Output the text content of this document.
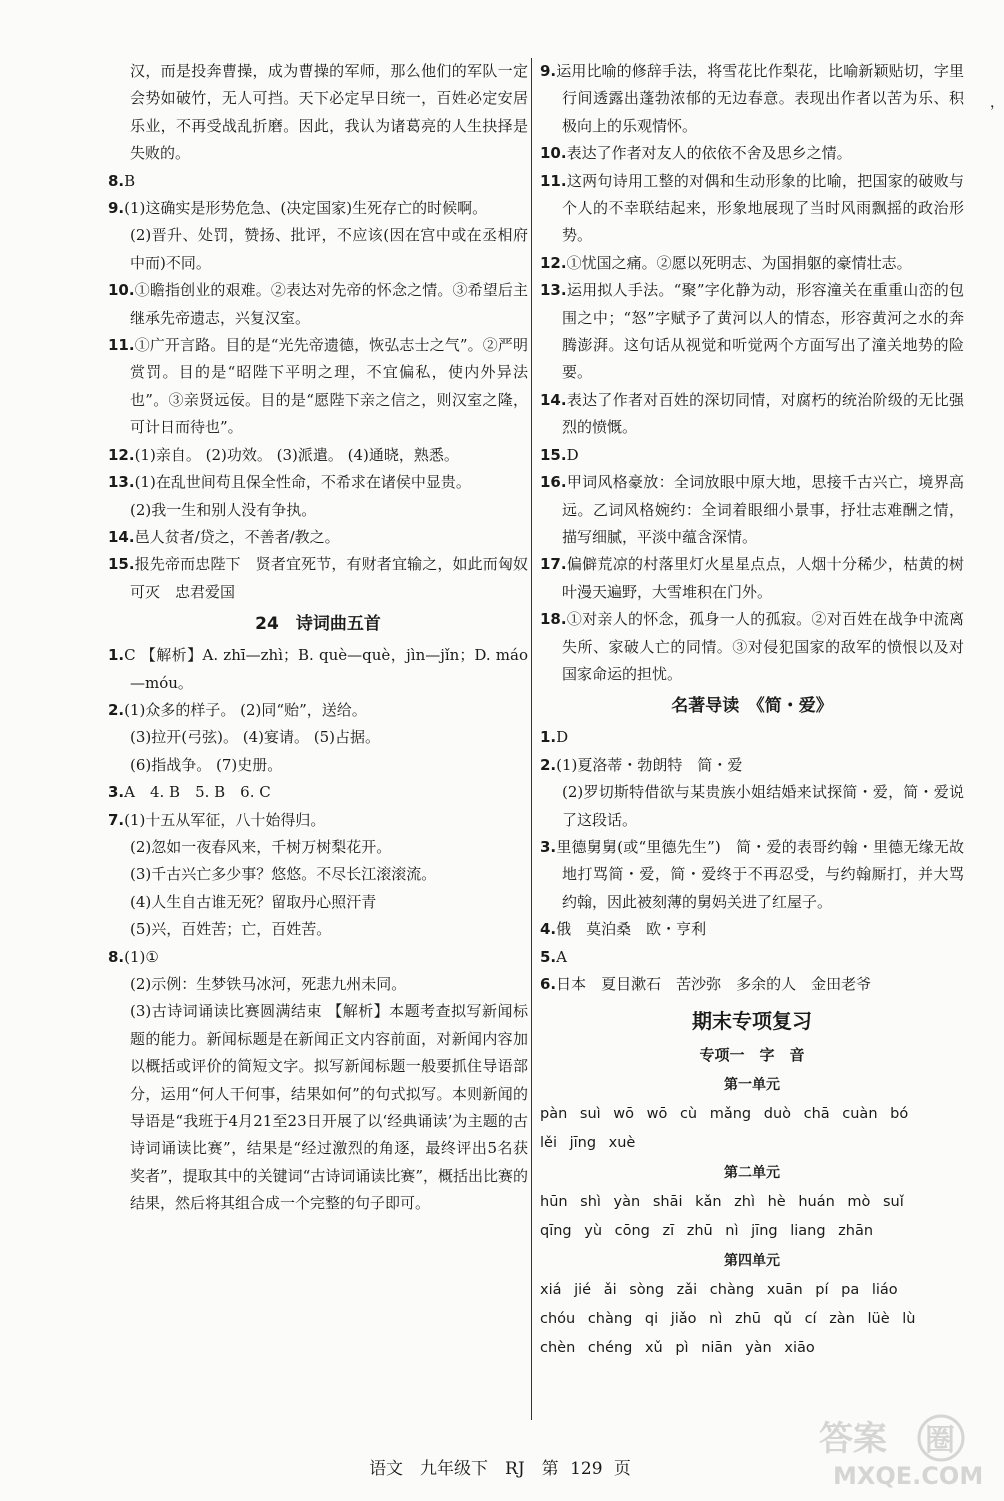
汉，而是投奔曹操，成为曹操的军师，那么他们的军队一定会势如破竹，无人可挡。天下必定早日统一，百姓必定安居乐业，不再受战乱折磨。因此，我认为诸葛亮的人生抉择是失败的。

8.B

9.(1)这确实是形势危急、(决定国家)生死存亡的时候啊。

(2)晋升、处罚，赞扬、批评，不应该(因在宫中或在丞相府中而)不同。

10.①瞻指创业的艰难。②表达对先帝的怀念之情。③希望后主继承先帝遗志，兴复汉室。

11.①广开言路。目的是“光先帝遗德，恢弘志士之气”。②严明赏罚。目的是“昭陛下平明之理，不宜偏私，使内外异法也”。③亲贤远佞。目的是“愿陛下亲之信之，则汉室之隆，可计日而待也”。

12.(1)亲自。 (2)功效。 (3)派遣。 (4)通晓，熟悉。

13.(1)在乱世间苟且保全性命，不希求在诸侯中显贵。

(2)我一生和别人没有争执。

14.邑人贫者/贷之，不善者/教之。

15.报先帝而忠陛下　贤者宜死节，有财者宜输之，如此而匈奴可灭　忠君爱国

24　诗词曲五首

1.C 【解析】A. zhī—zhì；B. què—què，jìn—jǐn；D. máo—móu。

2.(1)众多的样子。 (2)同“贻”，送给。

(3)拉开(弓弦)。 (4)宴请。 (5)占据。

(6)指战争。 (7)史册。

3.A　4. B　5. B　6. C

7.(1)十五从军征，八十始得归。

(2)忽如一夜春风来，千树万树梨花开。

(3)千古兴亡多少事？悠悠。不尽长江滚滚流。

(4)人生自古谁无死？留取丹心照汗青

(5)兴，百姓苦；亡，百姓苦。

8.(1)①

(2)示例：生梦铁马冰河，死悲九州未同。

(3)古诗词诵读比赛圆满结束 【解析】本题考查拟写新闻标题的能力。新闻标题是在新闻正文内容前面，对新闻内容加以概括或评价的简短文字。拟写新闻标题一般要抓住导语部分，运用“何人干何事，结果如何”的句式拟写。本则新闻的导语是“我班于4月21至23日开展了以‘经典诵读’为主题的古诗词诵读比赛”，结果是“经过激烈的角逐，最终评出5名获奖者”，提取其中的关键词“古诗词诵读比赛”，概括出比赛的结果，然后将其组合成一个完整的句子即可。

9.运用比喻的修辞手法，将雪花比作梨花，比喻新颖贴切，字里行间透露出蓬勃浓郁的无边春意。表现出作者以苦为乐、积极向上的乐观情怀。

10.表达了作者对友人的依依不舍及思乡之情。

11.这两句诗用工整的对偶和生动形象的比喻，把国家的破败与个人的不幸联结起来，形象地展现了当时风雨飘摇的政治形势。

12.①忧国之痛。②愿以死明志、为国捐躯的豪情壮志。

13.运用拟人手法。“聚”字化静为动，形容潼关在重重山峦的包围之中；“怒”字赋予了黄河以人的情态，形容黄河之水的奔腾澎湃。这句话从视觉和听觉两个方面写出了潼关地势的险要。

14.表达了作者对百姓的深切同情，对腐朽的统治阶级的无比强烈的愤慨。

15.D

16.甲词风格豪放：全词放眼中原大地，思接千古兴亡，境界高远。乙词风格婉约：全词着眼细小景事，抒壮志难酬之情，描写细腻，平淡中蕴含深情。

17.偏僻荒凉的村落里灯火星星点点，人烟十分稀少，枯黄的树叶漫天遍野，大雪堆积在门外。

18.①对亲人的怀念，孤身一人的孤寂。②对百姓在战争中流离失所、家破人亡的同情。③对侵犯国家的敌军的愤恨以及对国家命运的担忧。

名著导读　《简・爱》

1.D

2.(1)夏洛蒂・勃朗特　简・爱

(2)罗切斯特借欲与某贵族小姐结婚来试探简・爱，简・爱说了这段话。

3.里德舅舅(或“里德先生”)　简・爱的表哥约翰・里德无缘无故地打骂简・爱，简・爱终于不再忍受，与约翰厮打，并大骂约翰，因此被刻薄的舅妈关进了红屋子。

4.俄　莫泊桑　欧・亨利

5.A

6.日本　夏目漱石　苦沙弥　多余的人　金田老爷

期末专项复习
专项一　字　音
第一单元

pàn suì wō wō cù mǎng duò chā cuàn bó

lěi jīng xuè

第二单元

hūn shì yàn shāi kǎn zhì hè huán mò suǐ

qīng yù cōng zī zhū nì jīng liang zhān

第四单元

xiá jié ǎi sòng zǎi chàng xuān pí pa liáo

chóu chàng qi jiǎo nì zhū qǔ cí zàn lüè lù

chèn chéng xǔ pì niān yàn xiāo

，
语文　九年级下　RJ　第 129 页
答案 圈
MXQE.COM
